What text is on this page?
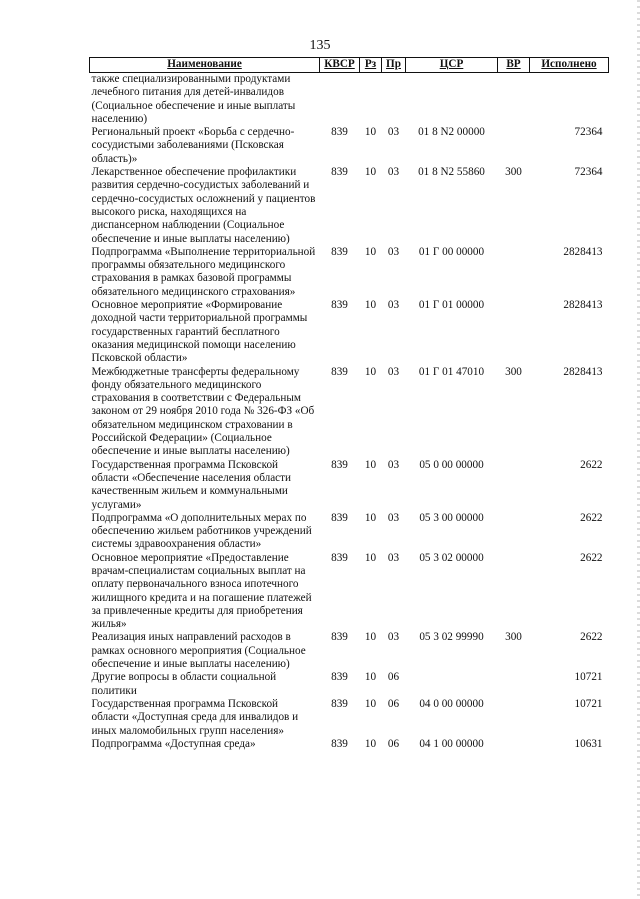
135
Наименование	КВСР	Рз	Пр	ЦСР	ВР	Исполнено
также специализированными продуктами лечебного питания для детей-инвалидов (Социальное обеспечение и иные выплаты населению)						
Региональный проект «Борьба с сердечно-сосудистыми заболеваниями (Псковская область)»	839	10	03	01 8 N2 00000		72364
Лекарственное обеспечение профилактики развития сердечно-сосудистых заболеваний и сердечно-сосудистых осложнений у пациентов высокого риска, находящихся на диспансерном наблюдении (Социальное обеспечение и иные выплаты населению)	839	10	03	01 8 N2 55860	300	72364
Подпрограмма «Выполнение территориальной программы обязательного медицинского страхования в рамках базовой программы обязательного медицинского страхования»	839	10	03	01 Г 00 00000		2828413
Основное мероприятие «Формирование доходной части территориальной программы государственных гарантий бесплатного оказания медицинской помощи населению Псковской области»	839	10	03	01 Г 01 00000		2828413
Межбюджетные трансферты федеральному фонду обязательного медицинского страхования в соответствии с Федеральным законом от 29 ноября 2010 года № 326-ФЗ «Об обязательном медицинском страховании в Российской Федерации» (Социальное обеспечение и иные выплаты населению)	839	10	03	01 Г 01 47010	300	2828413
Государственная программа Псковской области «Обеспечение населения области качественным жильем и коммунальными услугами»	839	10	03	05 0 00 00000		2622
Подпрограмма «О дополнительных мерах по обеспечению жильем работников учреждений системы здравоохранения области»	839	10	03	05 3 00 00000		2622
Основное мероприятие «Предоставление врачам-специалистам социальных выплат на оплату первоначального взноса ипотечного жилищного кредита и на погашение платежей за привлеченные кредиты для приобретения жилья»	839	10	03	05 3 02 00000		2622
Реализация иных направлений расходов в рамках основного мероприятия (Социальное обеспечение и иные выплаты населению)	839	10	03	05 3 02 99990	300	2622
Другие вопросы в области социальной политики	839	10	06			10721
Государственная программа Псковской области «Доступная среда для инвалидов и иных маломобильных групп населения»	839	10	06	04 0 00 00000		10721
Подпрограмма «Доступная среда»	839	10	06	04 1 00 00000		10631
